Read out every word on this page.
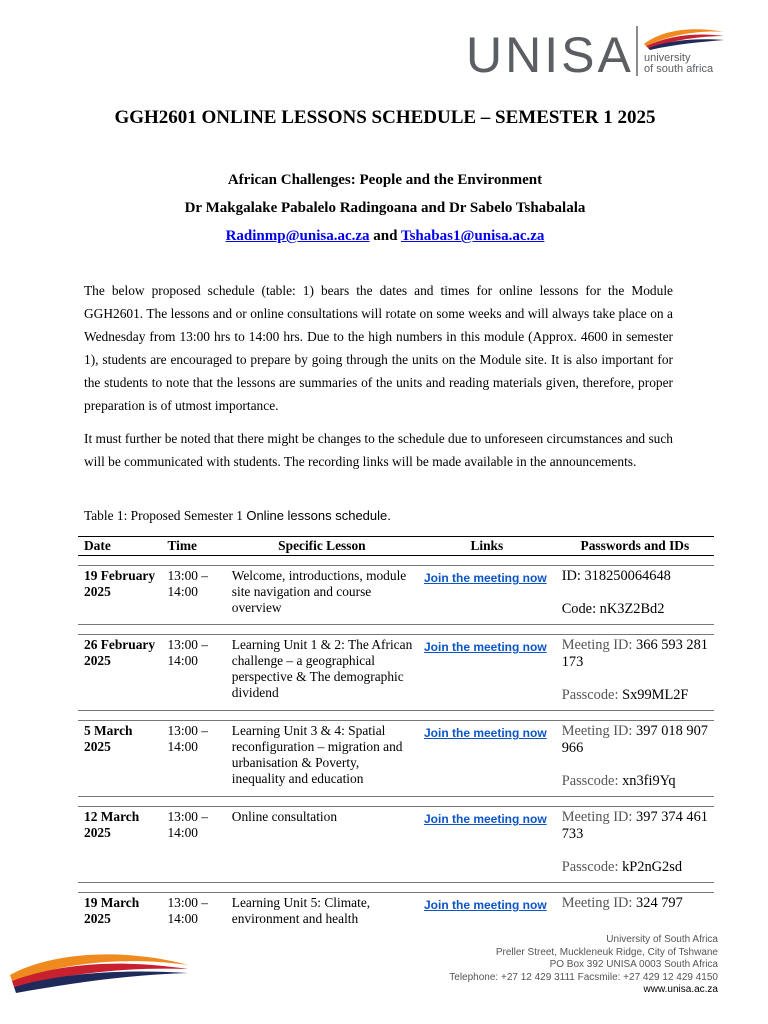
UNISA university
of south africa
GGH2601 ONLINE LESSONS SCHEDULE – SEMESTER 1 2025
African Challenges: People and the Environment
Dr Makgalake Pabalelo Radingoana and Dr Sabelo Tshabalala
Radinmp@unisa.ac.za and Tshabas1@unisa.ac.za

The below proposed schedule (table: 1) bears the dates and times for online lessons for the Module GGH2601. The lessons and or online consultations will rotate on some weeks and will always take place on a Wednesday from 13:00 hrs to 14:00 hrs. Due to the high numbers in this module (Approx. 4600 in semester 1), students are encouraged to prepare by going through the units on the Module site. It is also important for the students to note that the lessons are summaries of the units and reading materials given, therefore, proper preparation is of utmost importance.

It must further be noted that there might be changes to the schedule due to unforeseen circumstances and such will be communicated with students. The recording links will be made available in the announcements.

Table 1: Proposed Semester 1 Online lessons schedule.
Date	Time	Specific Lesson	Links	Passwords and IDs

19 February 2025	13:00 – 14:00	Welcome, introductions, module site navigation and course overview	Join the meeting now	ID: 318250064648
Code: nK3Z2Bd2

26 February 2025	13:00 – 14:00	Learning Unit 1 & 2: The African challenge – a geographical perspective & The demographic dividend	Join the meeting now	Meeting ID: 366 593 281 173
Passcode: Sx99ML2F

5 March 2025	13:00 – 14:00	Learning Unit 3 & 4: Spatial reconfiguration – migration and urbanisation & Poverty, inequality and education	Join the meeting now	Meeting ID: 397 018 907 966
Passcode: xn3fi9Yq

12 March 2025	13:00 – 14:00	Online consultation	Join the meeting now	Meeting ID: 397 374 461 733
Passcode: kP2nG2sd

19 March 2025	13:00 – 14:00	Learning Unit 5: Climate, environment and health	Join the meeting now	Meeting ID: 324 797
University of South Africa
Preller Street, Muckleneuk Ridge, City of Tshwane
PO Box 392 UNISA 0003 South Africa
Telephone: +27 12 429 3111 Facsmile: +27 429 12 429 4150
www.unisa.ac.za
